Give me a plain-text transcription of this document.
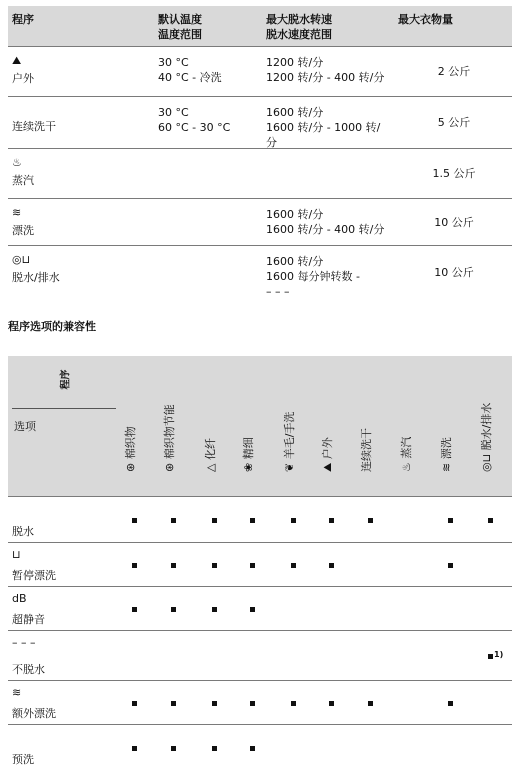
程序	默认温度
温度范围
最大脱水转速
脱水速度范围
最大衣物量
⛰
户外
30 °C
40 °C - 冷洗
1200 转/分
1200 转/分 - 400 转/分	2 公斤
连续洗干
30 °C
60 °C - 30 °C
1600 转/分
1600 转/分 - 1000 转/
分
5 公斤
♨
蒸汽
1.5 公斤
≋
漂洗
1600 转/分
1600 转/分 - 400 转/分
10 公斤
◎⊔
脱水/排水
1600 转/分
1600 每分钟转数 -
– – –
10 公斤
程序选项的兼容性
程序
选项
⊛ 棉织物
⊛ 棉织物节能
△ 化纤
❀ 精细
❦ 羊毛/手洗
⛰ 户外 连续洗干 ♨ 蒸汽
≋ 漂洗
◎⊔ 脱水/排水
脱水
⊔
暂停漂洗
dB
超静音
– – –
不脱水
1)
≋
额外漂洗
预洗
